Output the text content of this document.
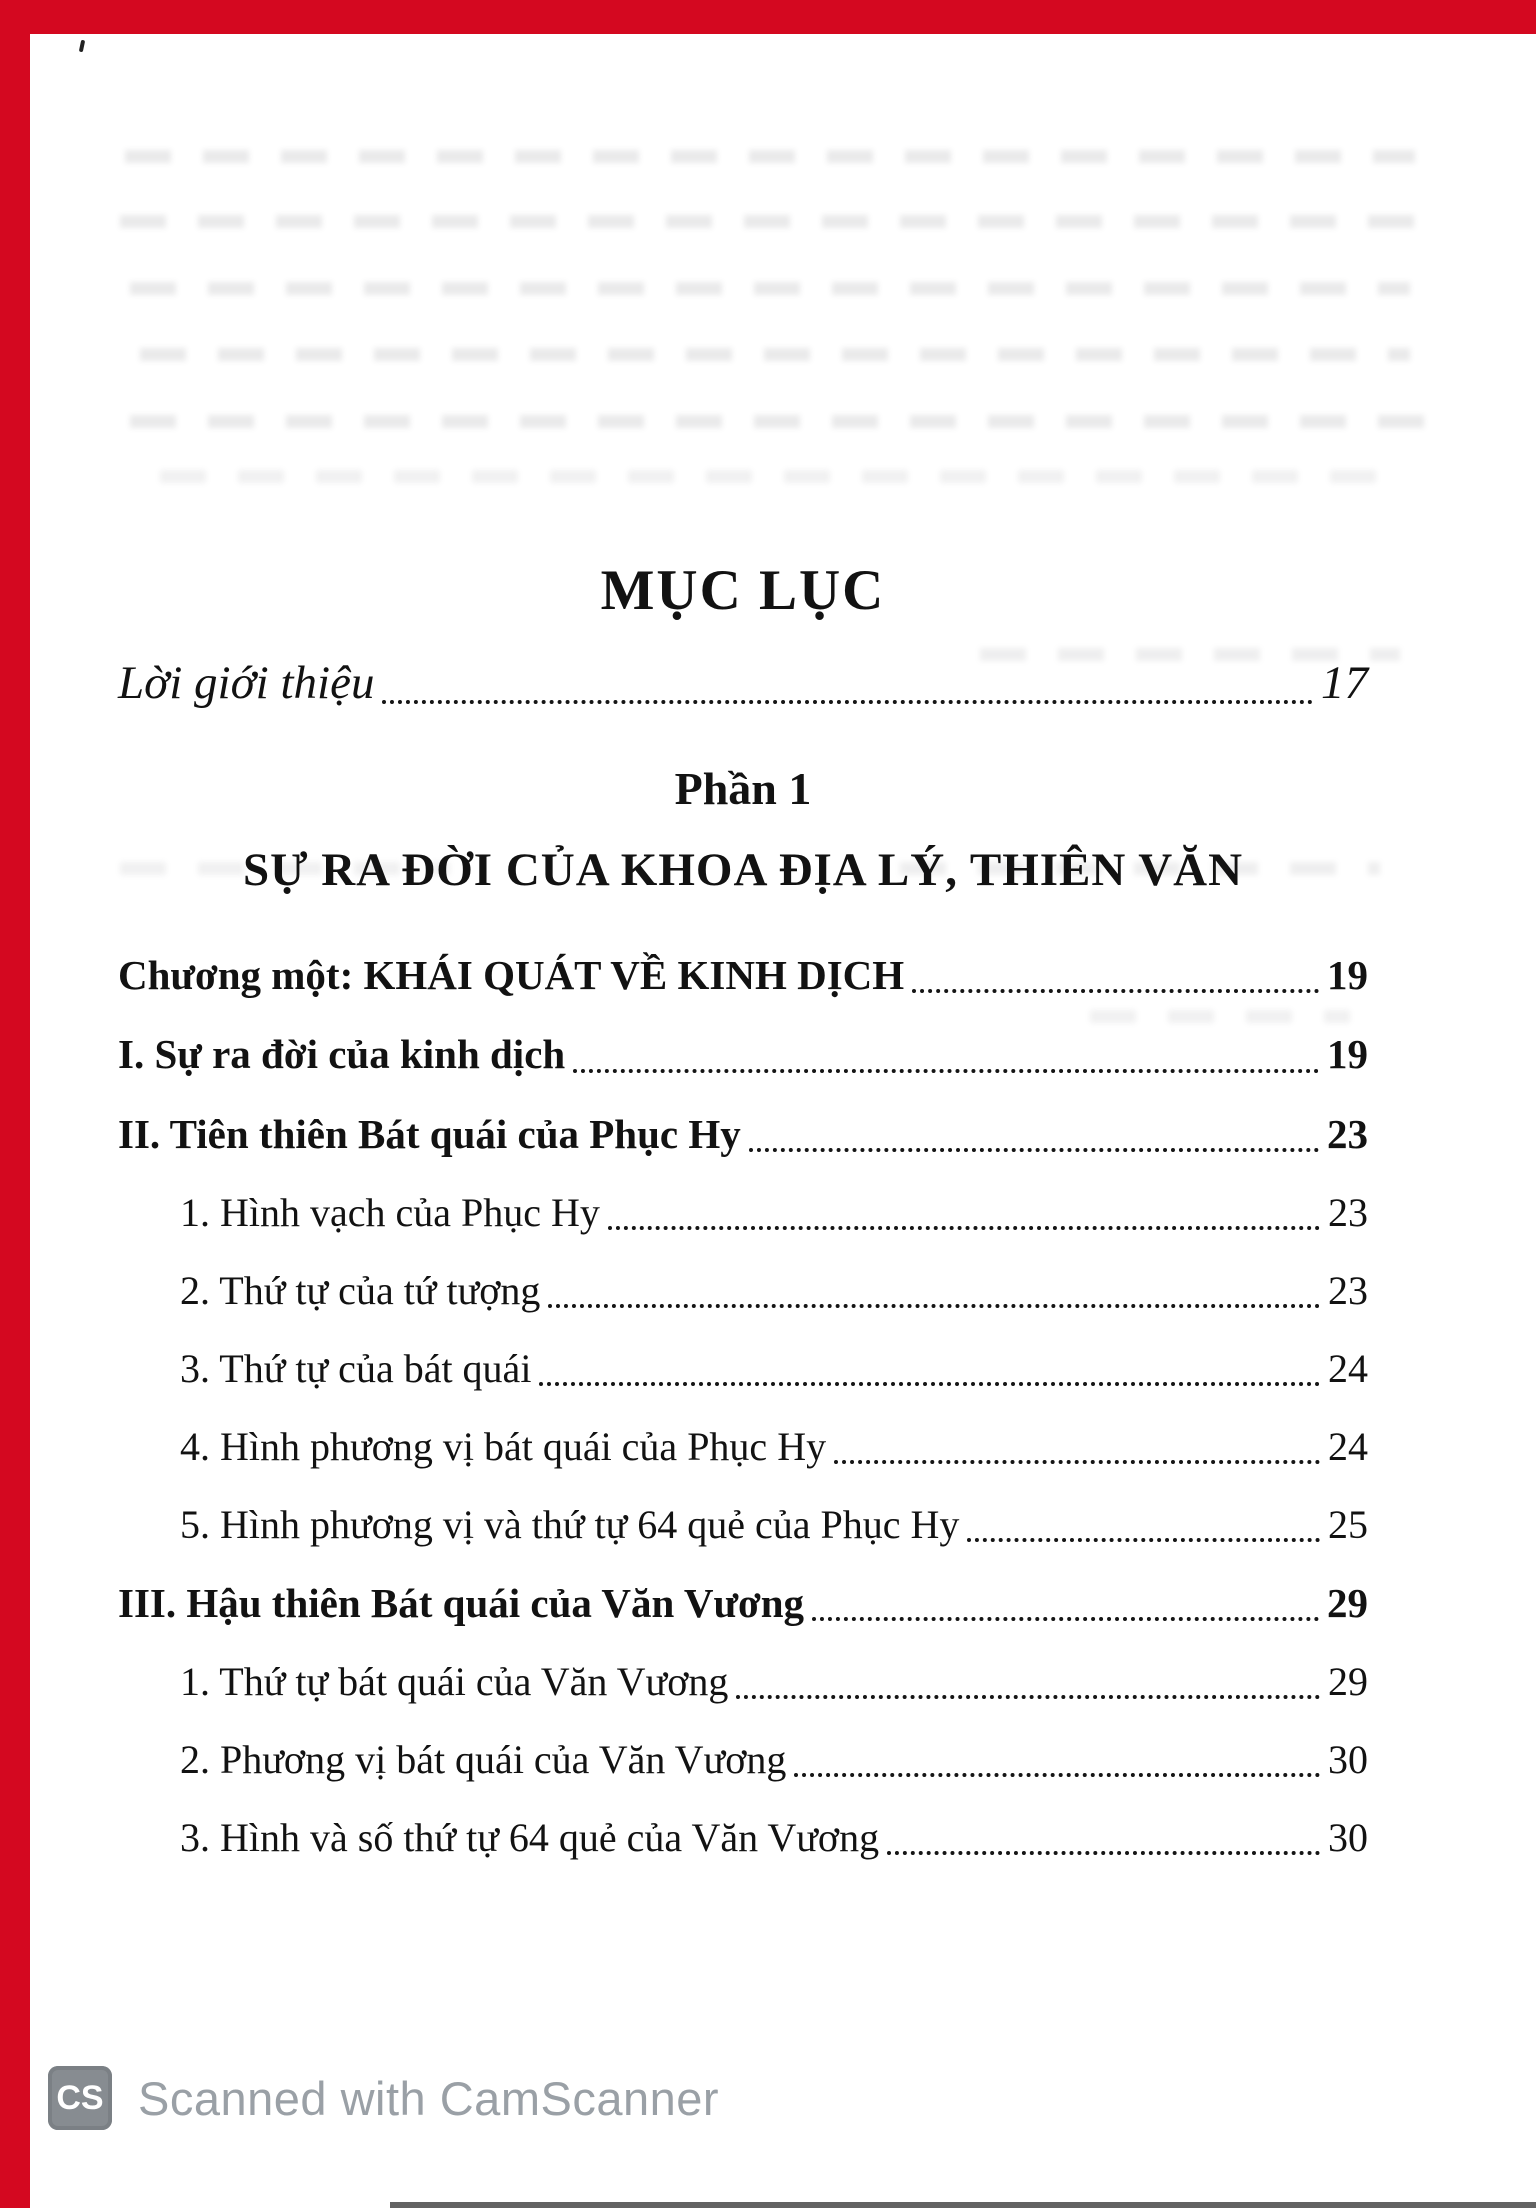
MỤC LỤC
Lời giới thiệu	17
Phần 1
SỰ RA ĐỜI CỦA KHOA ĐỊA LÝ, THIÊN VĂN
Chương một: KHÁI QUÁT VỀ KINH DỊCH	19
I. Sự ra đời của kinh dịch	19
II. Tiên thiên Bát quái của Phục Hy	23
1. Hình vạch của Phục Hy	23
2. Thứ tự của tứ tượng	23
3. Thứ tự của bát quái	24
4. Hình phương vị bát quái của Phục Hy	24
5. Hình phương vị và thứ tự 64 quẻ của Phục Hy	25
III. Hậu thiên Bát quái của Văn Vương	29
1. Thứ tự bát quái của Văn Vương	29
2. Phương vị bát quái của Văn Vương	30
3. Hình và số thứ tự 64 quẻ của Văn Vương	30
CS Scanned with CamScanner
